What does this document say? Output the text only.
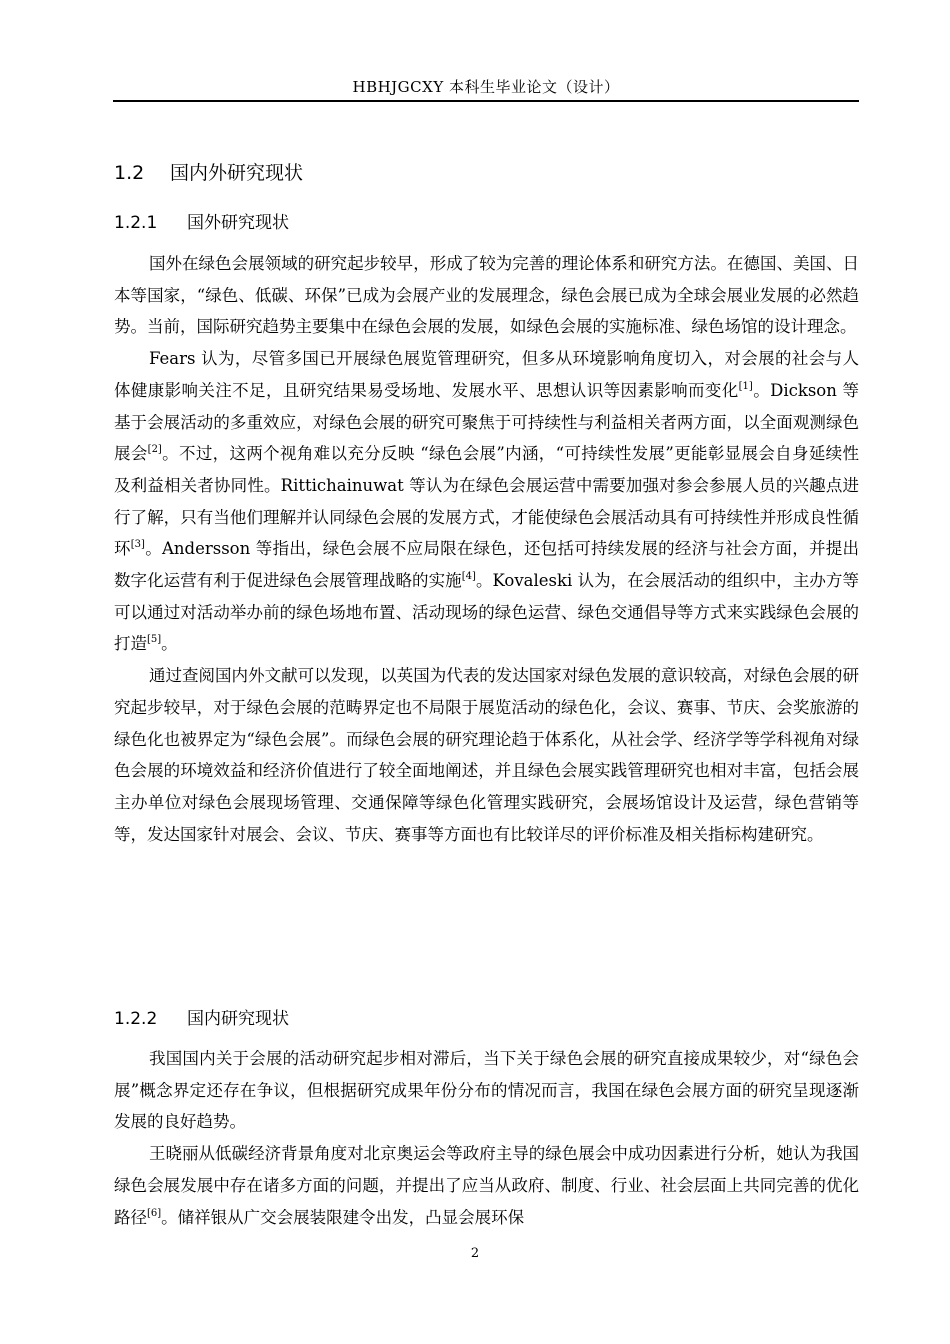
HBHJGCXY 本科生毕业论文（设计）
1.2 国内外研究现状
1.2.1 国外研究现状

国外在绿色会展领域的研究起步较早，形成了较为完善的理论体系和研究方法。在德国、美国、日本等国家，“绿色、低碳、环保”已成为会展产业的发展理念，绿色会展已成为全球会展业发展的必然趋势。当前，国际研究趋势主要集中在绿色会展的发展，如绿色会展的实施标准、绿色场馆的设计理念。

Fears 认为，尽管多国已开展绿色展览管理研究，但多从环境影响角度切入，对会展的社会与人体健康影响关注不足，且研究结果易受场地、发展水平、思想认识等因素影响而变化[1]。Dickson 等基于会展活动的多重效应，对绿色会展的研究可聚焦于可持续性与利益相关者两方面，以全面观测绿色展会[2]。不过，这两个视角难以充分反映 “绿色会展”内涵，“可持续性发展”更能彰显展会自身延续性及利益相关者协同性。Rittichainuwat 等认为在绿色会展运营中需要加强对参会参展人员的兴趣点进行了解，只有当他们理解并认同绿色会展的发展方式，才能使绿色会展活动具有可持续性并形成良性循环[3]。Andersson 等指出，绿色会展不应局限在绿色，还包括可持续发展的经济与社会方面，并提出数字化运营有利于促进绿色会展管理战略的实施[4]。Kovaleski 认为，在会展活动的组织中，主办方等可以通过对活动举办前的绿色场地布置、活动现场的绿色运营、绿色交通倡导等方式来实践绿色会展的打造[5]。

通过查阅国内外文献可以发现，以英国为代表的发达国家对绿色发展的意识较高，对绿色会展的研究起步较早，对于绿色会展的范畴界定也不局限于展览活动的绿色化，会议、赛事、节庆、会奖旅游的绿色化也被界定为“绿色会展”。而绿色会展的研究理论趋于体系化，从社会学、经济学等学科视角对绿色会展的环境效益和经济价值进行了较全面地阐述，并且绿色会展实践管理研究也相对丰富，包括会展主办单位对绿色会展现场管理、交通保障等绿色化管理实践研究，会展场馆设计及运营，绿色营销等等，发达国家针对展会、会议、节庆、赛事等方面也有比较详尽的评价标准及相关指标构建研究。

1.2.2 国内研究现状

我国国内关于会展的活动研究起步相对滞后，当下关于绿色会展的研究直接成果较少，对“绿色会展”概念界定还存在争议，但根据研究成果年份分布的情况而言，我国在绿色会展方面的研究呈现逐渐发展的良好趋势。

王晓丽从低碳经济背景角度对北京奥运会等政府主导的绿色展会中成功因素进行分析，她认为我国绿色会展发展中存在诸多方面的问题，并提出了应当从政府、制度、行业、社会层面上共同完善的优化路径[6]。储祥银从广交会展装限建令出发，凸显会展环保

2
